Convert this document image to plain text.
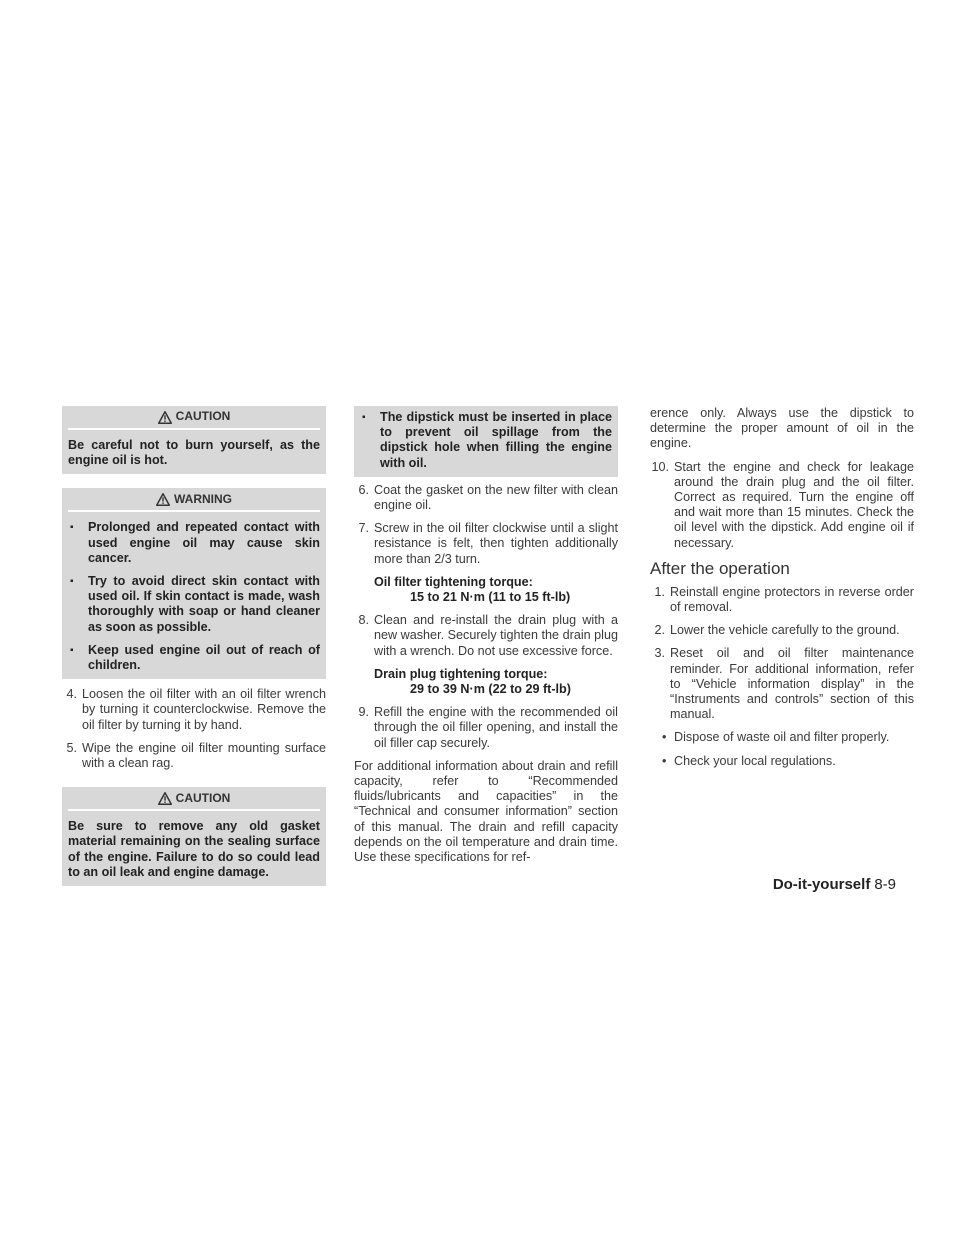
CAUTION

Be careful not to burn yourself, as the engine oil is hot.

WARNING
▪ Prolonged and repeated contact with used engine oil may cause skin cancer.
▪ Try to avoid direct skin contact with used oil. If skin contact is made, wash thoroughly with soap or hand cleaner as soon as possible.
▪ Keep used engine oil out of reach of children.
4. Loosen the oil filter with an oil filter wrench by turning it counterclockwise. Remove the oil filter by turning it by hand.
5. Wipe the engine oil filter mounting surface with a clean rag.
CAUTION

Be sure to remove any old gasket material remaining on the sealing surface of the engine. Failure to do so could lead to an oil leak and engine damage.

▪ The dipstick must be inserted in place to prevent oil spillage from the dipstick hole when filling the engine with oil.
6. Coat the gasket on the new filter with clean engine oil.
7. Screw in the oil filter clockwise until a slight resistance is felt, then tighten additionally more than 2/3 turn.
Oil filter tightening torque:
15 to 21 N·m (11 to 15 ft-lb)
8. Clean and re-install the drain plug with a new washer. Securely tighten the drain plug with a wrench. Do not use excessive force.
Drain plug tightening torque:
29 to 39 N·m (22 to 29 ft-lb)
9. Refill the engine with the recommended oil through the oil filler opening, and install the oil filler cap securely.

For additional information about drain and refill capacity, refer to “Recommended fluids/lubricants and capacities” in the “Technical and consumer information” section of this manual. The drain and refill capacity depends on the oil temperature and drain time. Use these specifications for ref-

erence only. Always use the dipstick to determine the proper amount of oil in the engine.

10. Start the engine and check for leakage around the drain plug and the oil filter. Correct as required. Turn the engine off and wait more than 15 minutes. Check the oil level with the dipstick. Add engine oil if necessary.
After the operation
1. Reinstall engine protectors in reverse order of removal.
2. Lower the vehicle carefully to the ground.
3. Reset oil and oil filter maintenance reminder. For additional information, refer to “Vehicle information display” in the “Instruments and controls” section of this manual.
• Dispose of waste oil and filter properly.
• Check your local regulations.
Do-it-yourself 8-9
